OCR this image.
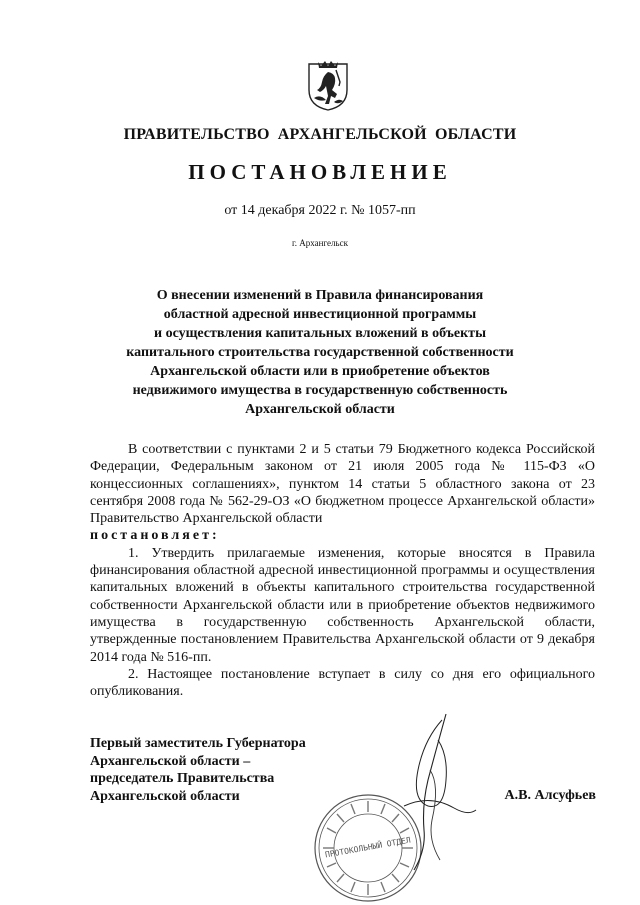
ПРАВИТЕЛЬСТВО АРХАНГЕЛЬСКОЙ ОБЛАСТИ
ПОСТАНОВЛЕНИЕ
от 14 декабря 2022 г. № 1057-пп
г. Архангельск
О внесении изменений в Правила финансирования
областной адресной инвестиционной программы
и осуществления капитальных вложений в объекты
капитального строительства государственной собственности
Архангельской области или в приобретение объектов
недвижимого имущества в государственную собственность
Архангельской области

В соответствии с пунктами 2 и 5 статьи 79 Бюджетного кодекса Российской Федерации, Федеральным законом от 21 июля 2005 года № 115-ФЗ «О концессионных соглашениях», пунктом 14 статьи 5 областного закона от 23 сентября 2008 года № 562-29-ОЗ «О бюджетном процессе Архангельской области» Правительство Архангельской области
постановляет:

1. Утвердить прилагаемые изменения, которые вносятся в Правила финансирования областной адресной инвестиционной программы и осуществления капитальных вложений в объекты капитального строительства государственной собственности Архангельской области или в приобретение объектов недвижимого имущества в государственную собственность Архангельской области, утвержденные постановлением Правительства Архангельской области от 9 декабря 2014 года № 516-пп.

2. Настоящее постановление вступает в силу со дня его официального опубликования.

Первый заместитель Губернатора
Архангельской области –
председатель Правительства
Архангельской области	А.В. Алсуфьев
ПРОТОКОЛЬНЫЙ ОТДЕЛ
